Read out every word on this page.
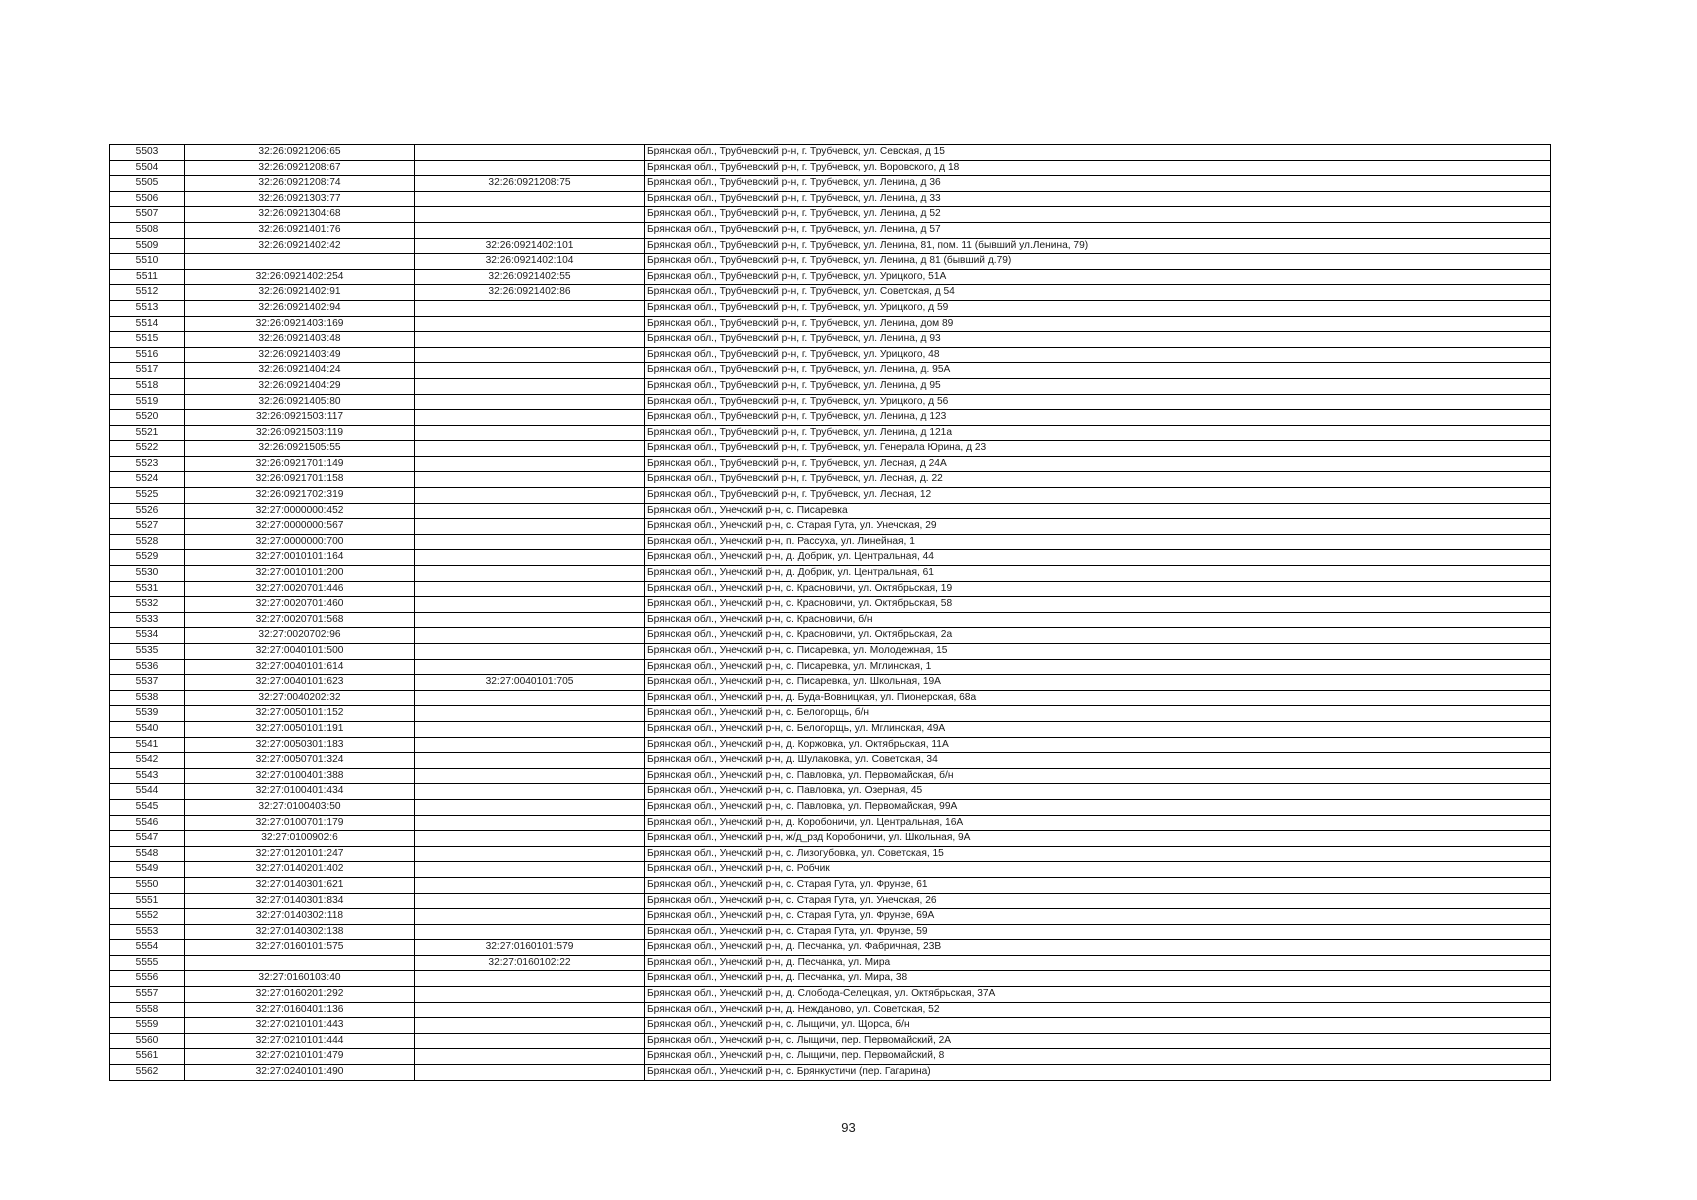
5503	32:26:0921206:65		Брянская обл., Трубчевский р-н, г. Трубчевск, ул. Севская, д 15
5504	32:26:0921208:67		Брянская обл., Трубчевский р-н, г. Трубчевск, ул. Воровского, д 18
5505	32:26:0921208:74	32:26:0921208:75	Брянская обл., Трубчевский р-н, г. Трубчевск, ул. Ленина, д 36
5506	32:26:0921303:77		Брянская обл., Трубчевский р-н, г. Трубчевск, ул. Ленина, д 33
5507	32:26:0921304:68		Брянская обл., Трубчевский р-н, г. Трубчевск, ул. Ленина, д 52
5508	32:26:0921401:76		Брянская обл., Трубчевский р-н, г. Трубчевск, ул. Ленина, д 57
5509	32:26:0921402:42	32:26:0921402:101	Брянская обл., Трубчевский р-н, г. Трубчевск, ул. Ленина, 81, пом. 11 (бывший ул.Ленина, 79)
5510		32:26:0921402:104	Брянская обл., Трубчевский р-н, г. Трубчевск, ул. Ленина, д 81 (бывший д.79)
5511	32:26:0921402:254	32:26:0921402:55	Брянская обл., Трубчевский р-н, г. Трубчевск, ул. Урицкого, 51А
5512	32:26:0921402:91	32:26:0921402:86	Брянская обл., Трубчевский р-н, г. Трубчевск, ул. Советская, д 54
5513	32:26:0921402:94		Брянская обл., Трубчевский р-н, г. Трубчевск, ул. Урицкого, д 59
5514	32:26:0921403:169		Брянская обл., Трубчевский р-н, г. Трубчевск, ул. Ленина, дом 89
5515	32:26:0921403:48		Брянская обл., Трубчевский р-н, г. Трубчевск, ул. Ленина, д 93
5516	32:26:0921403:49		Брянская обл., Трубчевский р-н, г. Трубчевск, ул. Урицкого, 48
5517	32:26:0921404:24		Брянская обл., Трубчевский р-н, г. Трубчевск, ул. Ленина, д. 95А
5518	32:26:0921404:29		Брянская обл., Трубчевский р-н, г. Трубчевск, ул. Ленина, д 95
5519	32:26:0921405:80		Брянская обл., Трубчевский р-н, г. Трубчевск, ул. Урицкого, д 56
5520	32:26:0921503:117		Брянская обл., Трубчевский р-н, г. Трубчевск, ул. Ленина, д 123
5521	32:26:0921503:119		Брянская обл., Трубчевский р-н, г. Трубчевск, ул. Ленина, д 121а
5522	32:26:0921505:55		Брянская обл., Трубчевский р-н, г. Трубчевск, ул. Генерала Юрина, д 23
5523	32:26:0921701:149		Брянская обл., Трубчевский р-н, г. Трубчевск, ул. Лесная, д 24А
5524	32:26:0921701:158		Брянская обл., Трубчевский р-н, г. Трубчевск, ул. Лесная, д. 22
5525	32:26:0921702:319		Брянская обл., Трубчевский р-н, г. Трубчевск, ул. Лесная, 12
5526	32:27:0000000:452		Брянская обл., Унечский р-н, с. Писаревка
5527	32:27:0000000:567		Брянская обл., Унечский р-н, с. Старая Гута, ул. Унечская, 29
5528	32:27:0000000:700		Брянская обл., Унечский р-н, п. Рассуха, ул. Линейная, 1
5529	32:27:0010101:164		Брянская обл., Унечский р-н, д. Добрик, ул. Центральная, 44
5530	32:27:0010101:200		Брянская обл., Унечский р-н, д. Добрик, ул. Центральная, 61
5531	32:27:0020701:446		Брянская обл., Унечский р-н, с. Красновичи, ул. Октябрьская, 19
5532	32:27:0020701:460		Брянская обл., Унечский р-н, с. Красновичи, ул. Октябрьская, 58
5533	32:27:0020701:568		Брянская обл., Унечский р-н, с. Красновичи, б/н
5534	32:27:0020702:96		Брянская обл., Унечский р-н, с. Красновичи, ул. Октябрьская, 2а
5535	32:27:0040101:500		Брянская обл., Унечский р-н, с. Писаревка, ул. Молодежная, 15
5536	32:27:0040101:614		Брянская обл., Унечский р-н, с. Писаревка, ул. Мглинская, 1
5537	32:27:0040101:623	32:27:0040101:705	Брянская обл., Унечский р-н, с. Писаревка, ул. Школьная, 19А
5538	32:27:0040202:32		Брянская обл., Унечский р-н, д. Буда-Вовницкая, ул. Пионерская, 68а
5539	32:27:0050101:152		Брянская обл., Унечский р-н, с. Белогорщь, б/н
5540	32:27:0050101:191		Брянская обл., Унечский р-н, с. Белогорщь, ул. Мглинская, 49А
5541	32:27:0050301:183		Брянская обл., Унечский р-н, д. Коржовка, ул. Октябрьская, 11А
5542	32:27:0050701:324		Брянская обл., Унечский р-н, д. Шулаковка, ул. Советская, 34
5543	32:27:0100401:388		Брянская обл., Унечский р-н, с. Павловка, ул. Первомайская, б/н
5544	32:27:0100401:434		Брянская обл., Унечский р-н, с. Павловка, ул. Озерная, 45
5545	32:27:0100403:50		Брянская обл., Унечский р-н, с. Павловка, ул. Первомайская, 99А
5546	32:27:0100701:179		Брянская обл., Унечский р-н, д. Коробоничи, ул. Центральная, 16А
5547	32:27:0100902:6		Брянская обл., Унечский р-н, ж/д_рзд Коробоничи, ул. Школьная, 9А
5548	32:27:0120101:247		Брянская обл., Унечский р-н, с. Лизогубовка, ул. Советская, 15
5549	32:27:0140201:402		Брянская обл., Унечский р-н, с. Робчик
5550	32:27:0140301:621		Брянская обл., Унечский р-н, с. Старая Гута, ул. Фрунзе, 61
5551	32:27:0140301:834		Брянская обл., Унечский р-н, с. Старая Гута, ул. Унечская, 26
5552	32:27:0140302:118		Брянская обл., Унечский р-н, с. Старая Гута, ул. Фрунзе, 69А
5553	32:27:0140302:138		Брянская обл., Унечский р-н, с. Старая Гута, ул. Фрунзе, 59
5554	32:27:0160101:575	32:27:0160101:579	Брянская обл., Унечский р-н, д. Песчанка, ул. Фабричная, 23В
5555		32:27:0160102:22	Брянская обл., Унечский р-н, д. Песчанка, ул. Мира
5556	32:27:0160103:40		Брянская обл., Унечский р-н, д. Песчанка, ул. Мира, 38
5557	32:27:0160201:292		Брянская обл., Унечский р-н, д. Слобода-Селецкая, ул. Октябрьская, 37А
5558	32:27:0160401:136		Брянская обл., Унечский р-н, д. Нежданово, ул. Советская, 52
5559	32:27:0210101:443		Брянская обл., Унечский р-н, с. Лыщичи, ул. Щорса, б/н
5560	32:27:0210101:444		Брянская обл., Унечский р-н, с. Лыщичи, пер. Первомайский, 2А
5561	32:27:0210101:479		Брянская обл., Унечский р-н, с. Лыщичи, пер. Первомайский, 8
5562	32:27:0240101:490		Брянская обл., Унечский р-н, с. Брянкустичи (пер. Гагарина)
93
